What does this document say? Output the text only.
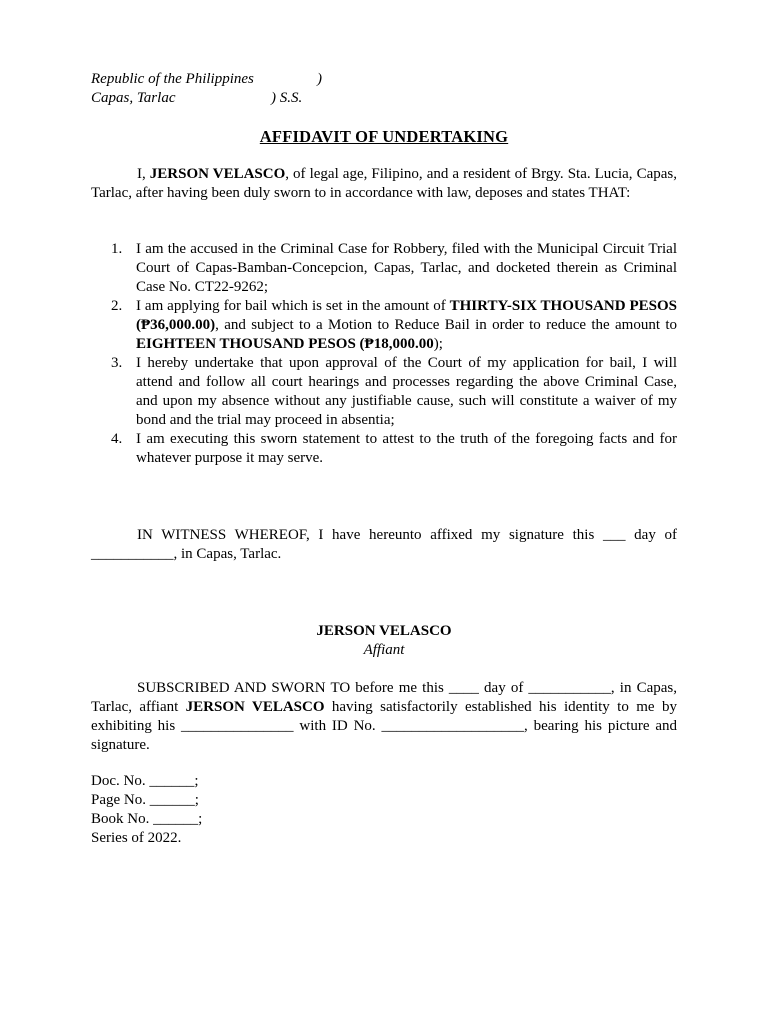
Republic of the Philippines	)
Capas, Tarlac	) S.S.
AFFIDAVIT OF UNDERTAKING

I, JERSON VELASCO, of legal age, Filipino, and a resident of Brgy. Sta. Lucia, Capas, Tarlac, after having been duly sworn to in accordance with law, deposes and states THAT:

1. I am the accused in the Criminal Case for Robbery, filed with the Municipal Circuit Trial Court of Capas-Bamban-Concepcion, Capas, Tarlac, and docketed therein as Criminal Case No. CT22-9262;
2. I am applying for bail which is set in the amount of THIRTY-SIX THOUSAND PESOS (₱36,000.00), and subject to a Motion to Reduce Bail in order to reduce the amount to EIGHTEEN THOUSAND PESOS (₱18,000.00);
3. I hereby undertake that upon approval of the Court of my application for bail, I will attend and follow all court hearings and processes regarding the above Criminal Case, and upon my absence without any justifiable cause, such will constitute a waiver of my bond and the trial may proceed in absentia;
4. I am executing this sworn statement to attest to the truth of the foregoing facts and for whatever purpose it may serve.

IN WITNESS WHEREOF, I have hereunto affixed my signature this ___ day of ___________, in Capas, Tarlac.

JERSON VELASCO
Affiant

SUBSCRIBED AND SWORN TO before me this ____ day of ___________, in Capas, Tarlac, affiant JERSON VELASCO having satisfactorily established his identity to me by exhibiting his _______________ with ID No. ___________________, bearing his picture and signature.

Doc. No. ______;
Page No. ______;
Book No. ______;
Series of 2022.
